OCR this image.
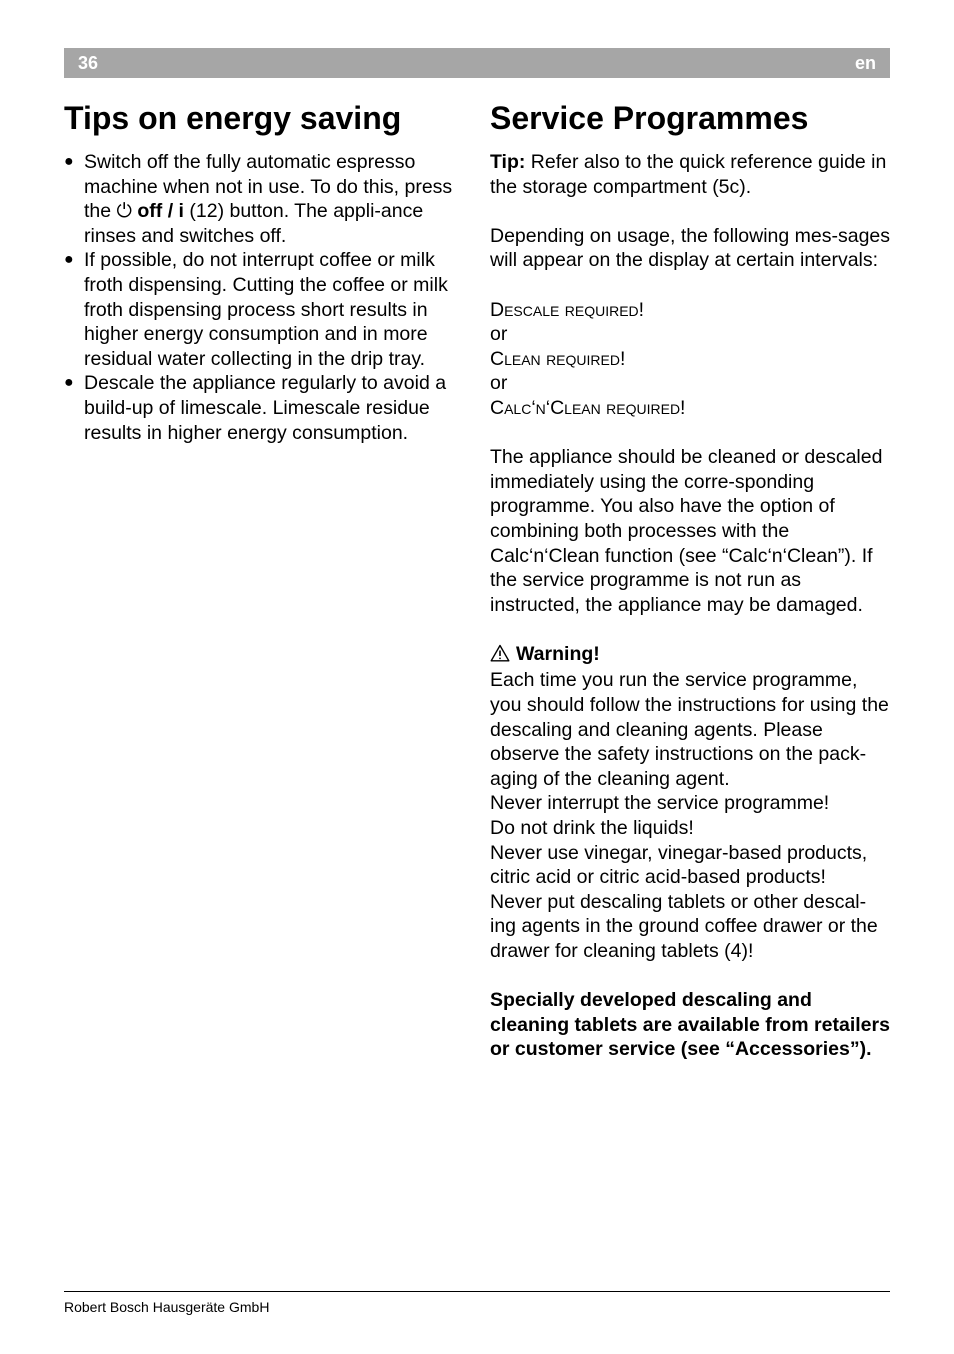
36	en
Tips on energy saving	Service Programmes
● Switch off the fully automatic espresso machine when not in use. To do this, press the ⏻ off / i (12) button. The appli-ance rinses and switches off.
● If possible, do not interrupt coffee or milk froth dispensing. Cutting the coffee or milk froth dispensing process short results in higher energy consumption and in more residual water collecting in the drip tray.
● Descale the appliance regularly to avoid a build-up of limescale. Limescale residue results in higher energy consumption.

Tip: Refer also to the quick reference guide in the storage compartment (5c).

Depending on usage, the following mes-sages will appear on the display at certain intervals:

Descale required!
or
Clean required!
or
Calc‘n‘Clean required!

The appliance should be cleaned or descaled immediately using the corre-sponding programme. You also have the option of combining both processes with the Calc‘n‘Clean function (see “Calc‘n‘Clean”). If the service programme is not run as instructed, the appliance may be damaged.

Warning!

Each time you run the service programme, you should follow the instructions for using the descaling and cleaning agents. Please observe the safety instructions on the pack-aging of the cleaning agent.

Never interrupt the service programme!

Do not drink the liquids!

Never use vinegar, vinegar-based products, citric acid or citric acid-based products!

Never put descaling tablets or other descal-ing agents in the ground coffee drawer or the drawer for cleaning tablets (4)!

Specially developed descaling and cleaning tablets are available from retailers or customer service (see “Accessories”).

Robert Bosch Hausgeräte GmbH
